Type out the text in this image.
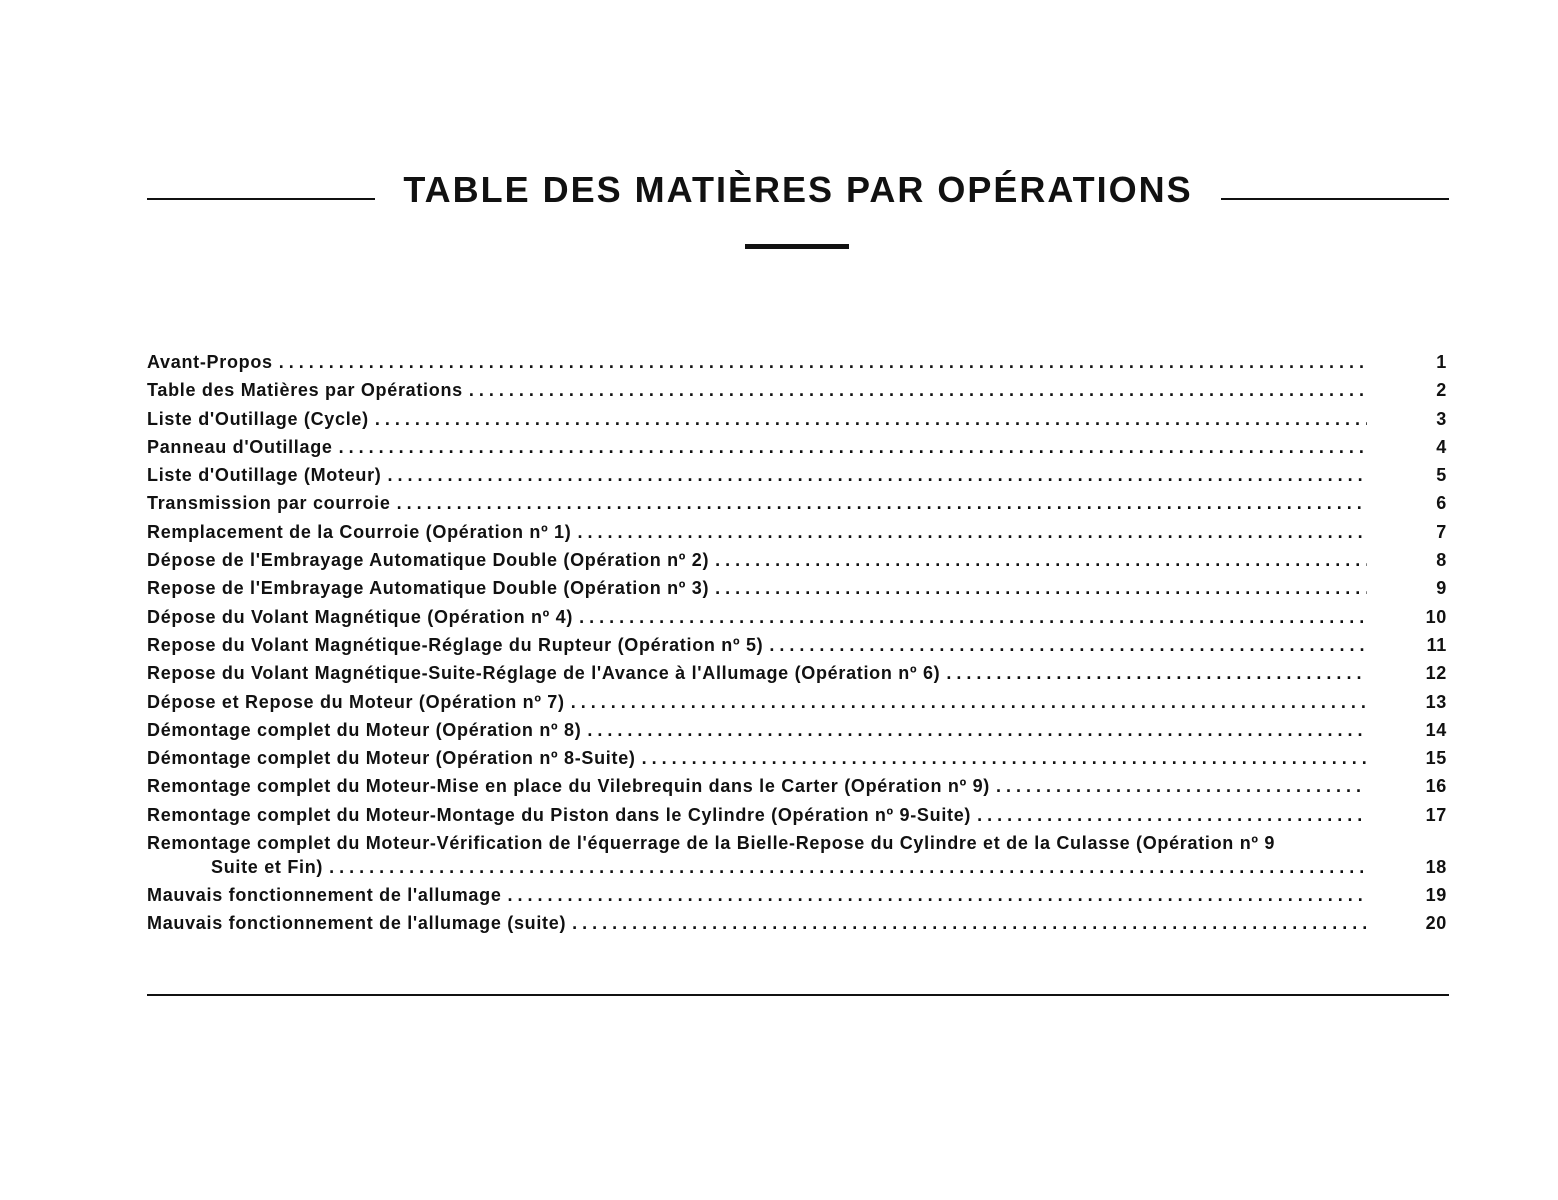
TABLE DES MATIÈRES PAR OPÉRATIONS
Avant-Propos . . .	1
Table des Matières par Opérations . . .	2
Liste d'Outillage (Cycle) . . .	3
Panneau d'Outillage . . .	4
Liste d'Outillage (Moteur) . . .	5
Transmission par courroie . . .	6
Remplacement de la Courroie (Opération nº 1) . . .	7
Dépose de l'Embrayage Automatique Double (Opération nº 2) . . .	8
Repose de l'Embrayage Automatique Double (Opération nº 3) . . .	9
Dépose du Volant Magnétique (Opération nº 4) . . .	10
Repose du Volant Magnétique-Réglage du Rupteur (Opération nº 5) . . .	11
Repose du Volant Magnétique-Suite-Réglage de l'Avance à l'Allumage (Opération nº 6) . . .	12
Dépose et Repose du Moteur (Opération nº 7) . . .	13
Démontage complet du Moteur (Opération nº 8) . . .	14
Démontage complet du Moteur (Opération nº 8-Suite) . . .	15
Remontage complet du Moteur-Mise en place du Vilebrequin dans le Carter (Opération nº 9) . . .	16
Remontage complet du Moteur-Montage du Piston dans le Cylindre (Opération nº 9-Suite) . . .	17
Remontage complet du Moteur-Vérification de l'équerrage de la Bielle-Repose du Cylindre et de la Culasse (Opération nº 9
Suite et Fin) . . .	18
Mauvais fonctionnement de l'allumage . . .	19
Mauvais fonctionnement de l'allumage (suite) . . .	20
